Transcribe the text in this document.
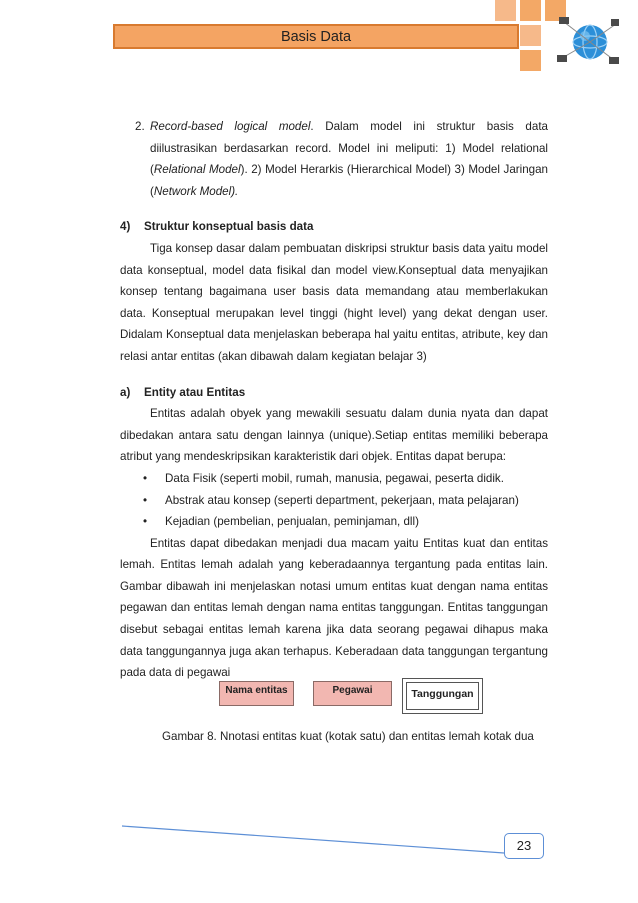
Basis Data
2. Record-based logical model. Dalam model ini struktur basis data diilustrasikan berdasarkan record. Model ini meliputi: 1) Model relational (Relational Model). 2) Model Herarkis (Hierarchical Model) 3) Model Jaringan (Network Model).

4) Struktur konseptual basis data

Tiga konsep dasar dalam pembuatan diskripsi struktur basis data yaitu model data konseptual, model data fisikal dan model view.Konseptual data menyajikan konsep tentang bagaimana user basis data memandang atau memberlakukan data. Konseptual merupakan level tinggi (hight level) yang dekat dengan user. Didalam Konseptual data menjelaskan beberapa hal yaitu entitas, atribute, key dan relasi antar entitas (akan dibawah dalam kegiatan belajar 3)

a) Entity atau Entitas

Entitas adalah obyek yang mewakili sesuatu dalam dunia nyata dan dapat dibedakan antara satu dengan lainnya (unique).Setiap entitas memiliki beberapa atribut yang mendeskripsikan karakteristik dari objek. Entitas dapat berupa:

• Data Fisik (seperti mobil, rumah, manusia, pegawai, peserta didik.
• Abstrak atau konsep (seperti department, pekerjaan, mata pelajaran)
• Kejadian (pembelian, penjualan, peminjaman, dll)

Entitas dapat dibedakan menjadi dua macam yaitu Entitas kuat dan entitas lemah. Entitas lemah adalah yang keberadaannya tergantung pada entitas lain. Gambar dibawah ini menjelaskan notasi umum entitas kuat dengan nama entitas pegawan dan entitas lemah dengan nama entitas tanggungan. Entitas tanggungan disebut sebagai entitas lemah karena jika data seorang pegawai dihapus maka data tanggungannya juga akan terhapus. Keberadaan data tanggungan tergantung pada data di pegawai

Nama entitas	Pegawai	Tanggungan
Gambar 8. Nnotasi entitas kuat (kotak satu) dan entitas lemah kotak dua
23
